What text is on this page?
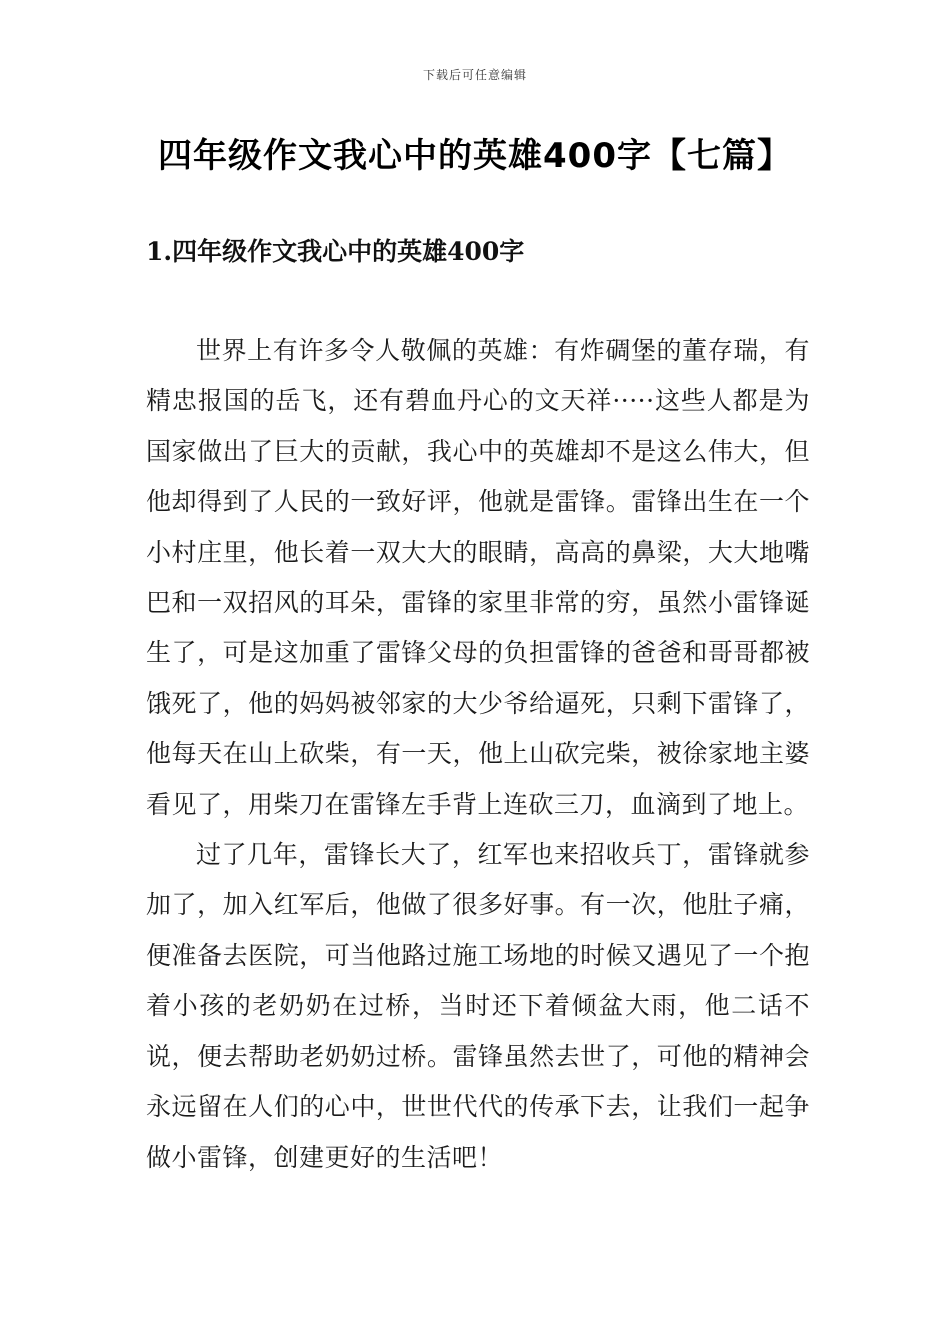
下载后可任意编辑
四年级作文我心中的英雄400字【七篇】
1.四年级作文我心中的英雄400字

世界上有许多令人敬佩的英雄：有炸碉堡的董存瑞，有精忠报国的岳飞，还有碧血丹心的文天祥·····这些人都是为国家做出了巨大的贡献，我心中的英雄却不是这么伟大，但他却得到了人民的一致好评，他就是雷锋。雷锋出生在一个小村庄里，他长着一双大大的眼睛，高高的鼻梁，大大地嘴巴和一双招风的耳朵，雷锋的家里非常的穷，虽然小雷锋诞生了，可是这加重了雷锋父母的负担雷锋的爸爸和哥哥都被饿死了，他的妈妈被邻家的大少爷给逼死，只剩下雷锋了，他每天在山上砍柴，有一天，他上山砍完柴，被徐家地主婆看见了，用柴刀在雷锋左手背上连砍三刀，血滴到了地上。

过了几年，雷锋长大了，红军也来招收兵丁，雷锋就参加了，加入红军后，他做了很多好事。有一次，他肚子痛，便准备去医院，可当他路过施工场地的时候又遇见了一个抱着小孩的老奶奶在过桥，当时还下着倾盆大雨，他二话不说，便去帮助老奶奶过桥。雷锋虽然去世了，可他的精神会永远留在人们的心中，世世代代的传承下去，让我们一起争做小雷锋，创建更好的生活吧！
